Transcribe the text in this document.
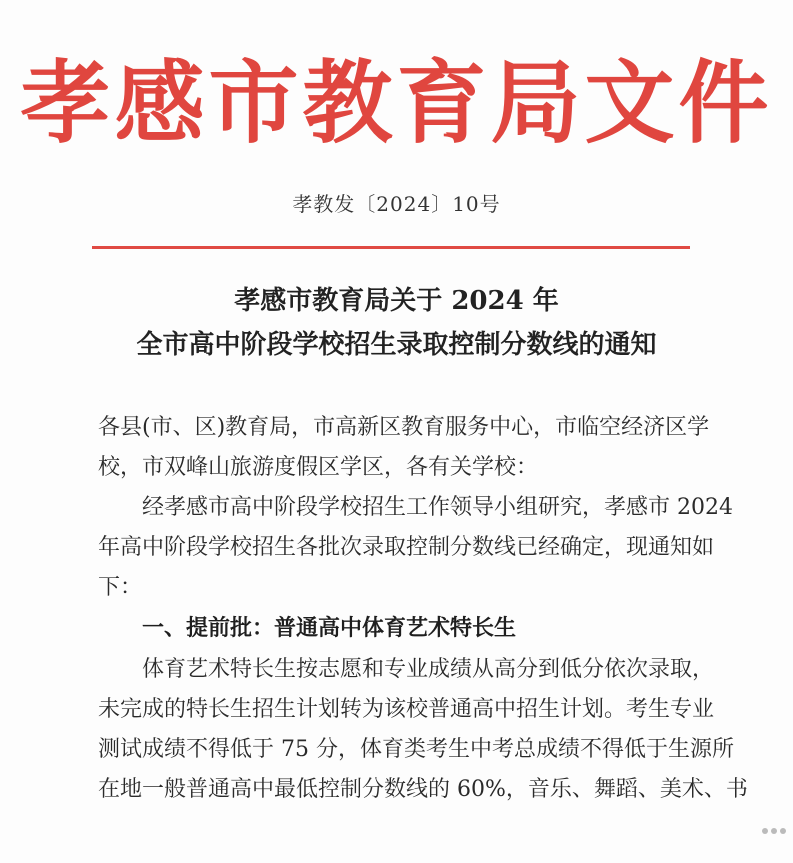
孝感市教育局文件
孝教发〔2024〕10号
孝感市教育局关于 2024 年
全市高中阶段学校招生录取控制分数线的通知
各县(市、区)教育局，市高新区教育服务中心，市临空经济区学
校，市双峰山旅游度假区学区，各有关学校：
　　经孝感市高中阶段学校招生工作领导小组研究，孝感市 2024
年高中阶段学校招生各批次录取控制分数线已经确定，现通知如
下：
　　一、提前批：普通高中体育艺术特长生
　　体育艺术特长生按志愿和专业成绩从高分到低分依次录取，
未完成的特长生招生计划转为该校普通高中招生计划。考生专业
测试成绩不得低于 75 分，体育类考生中考总成绩不得低于生源所
在地一般普通高中最低控制分数线的 60%，音乐、舞蹈、美术、书
